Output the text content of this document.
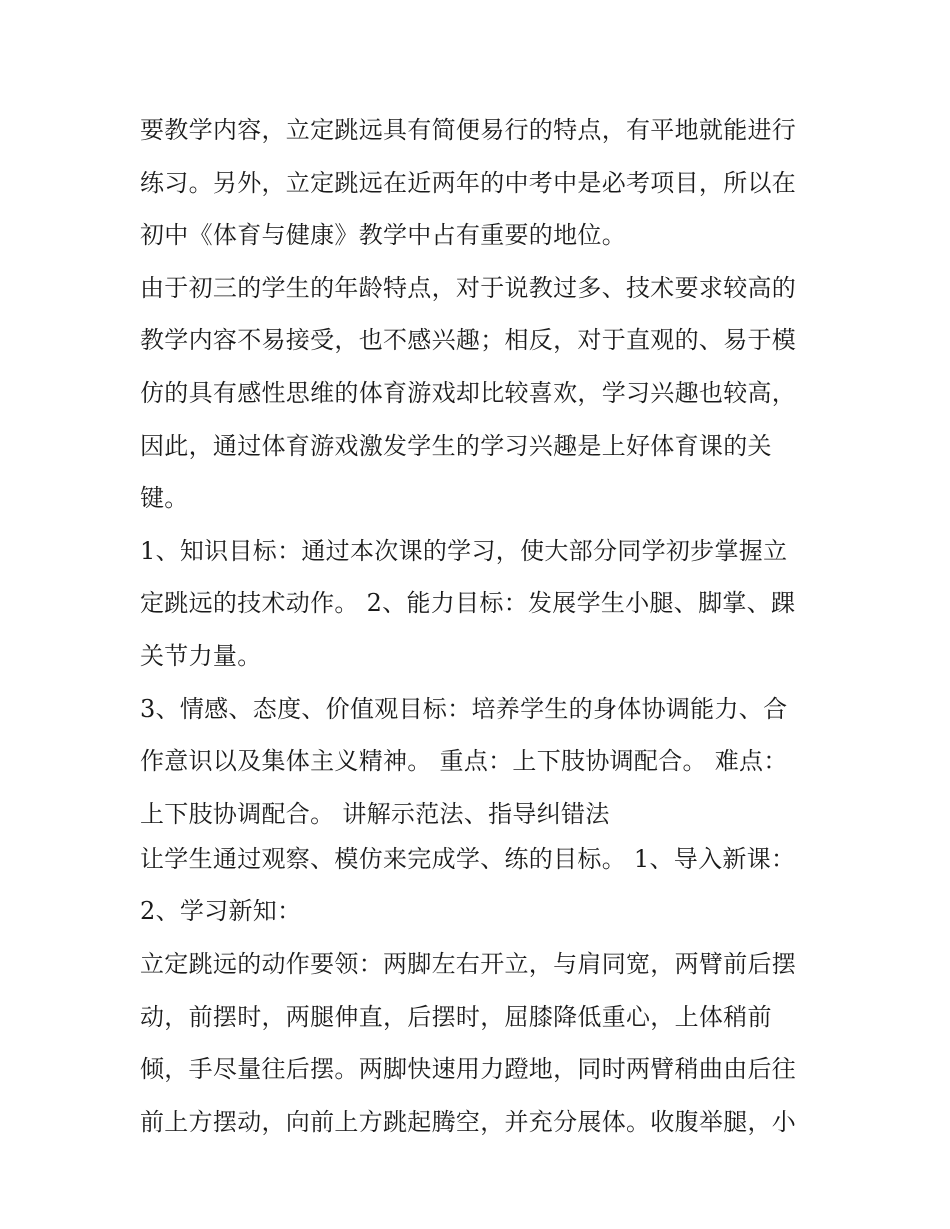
要教学内容，立定跳远具有简便易行的特点，有平地就能进行
练习。另外，立定跳远在近两年的中考中是必考项目，所以在
初中《体育与健康》教学中占有重要的地位。
由于初三的学生的年龄特点，对于说教过多、技术要求较高的
教学内容不易接受，也不感兴趣；相反，对于直观的、易于模
仿的具有感性思维的体育游戏却比较喜欢，学习兴趣也较高，
因此，通过体育游戏激发学生的学习兴趣是上好体育课的关
键。
1、知识目标：通过本次课的学习，使大部分同学初步掌握立
定跳远的技术动作。 2、能力目标：发展学生小腿、脚掌、踝
关节力量。
3、情感、态度、价值观目标：培养学生的身体协调能力、合
作意识以及集体主义精神。 重点：上下肢协调配合。 难点：
上下肢协调配合。 讲解示范法、指导纠错法
让学生通过观察、模仿来完成学、练的目标。 1、导入新课：
2、学习新知：
立定跳远的动作要领：两脚左右开立，与肩同宽，两臂前后摆
动，前摆时，两腿伸直，后摆时，屈膝降低重心，上体稍前
倾，手尽量往后摆。两脚快速用力蹬地，同时两臂稍曲由后往
前上方摆动，向前上方跳起腾空，并充分展体。收腹举腿，小
